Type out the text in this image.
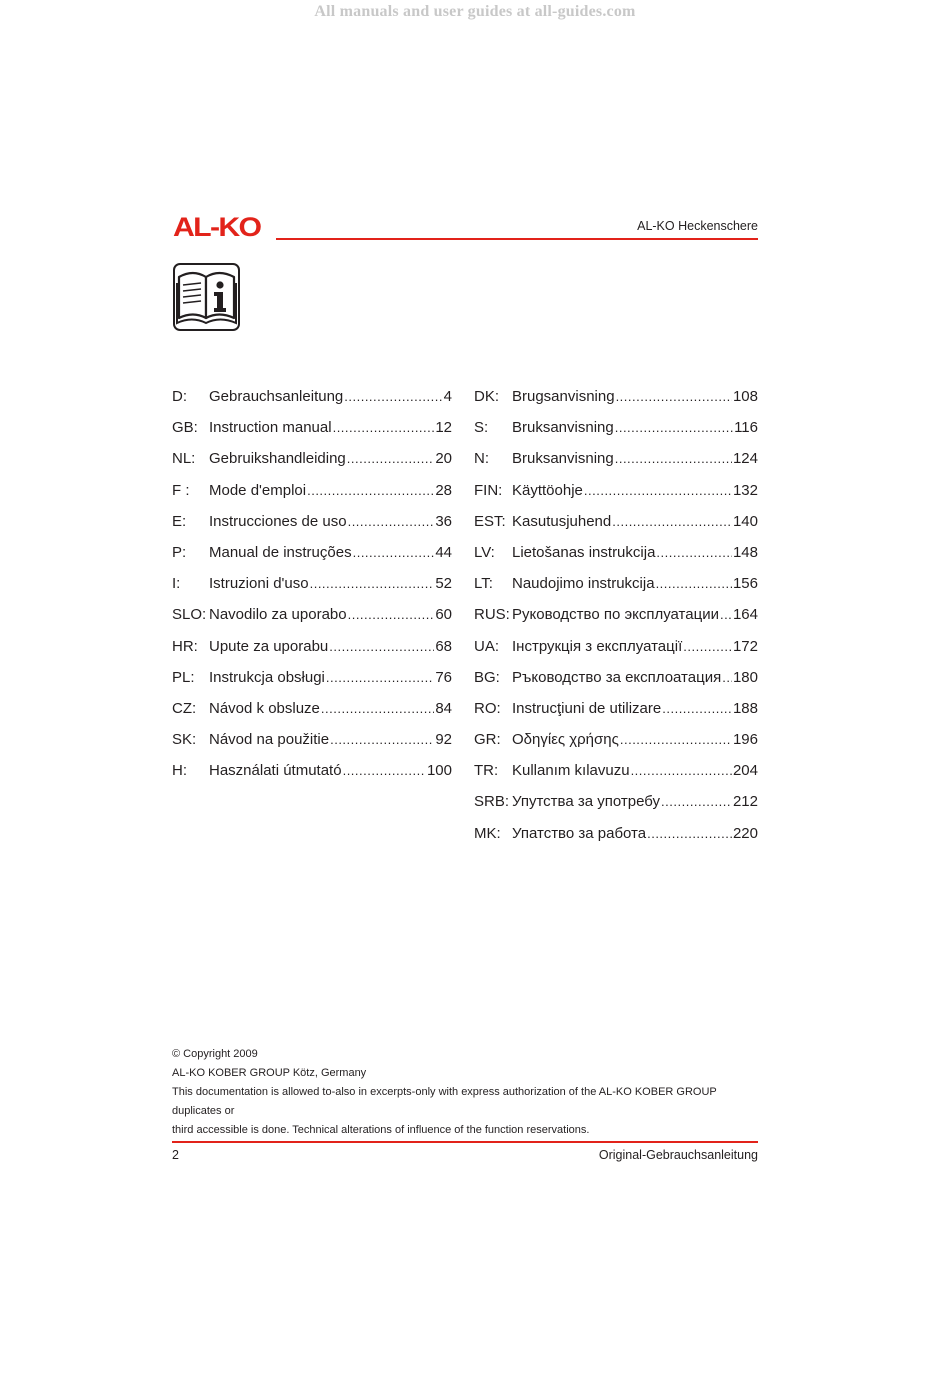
All manuals and user guides at all-guides.com
AL-KO	AL-KO Heckenschere
D:	Gebrauchsanleitung .....	4
GB: Instruction manual .....	12
NL: Gebruikshandleiding .....	20
F :	Mode d'emploi .....	28
E:	Instrucciones de uso .....	36
P:	Manual de instruções .....	44
I:	Istruzioni d'uso .....	52
SLO: Navodilo za uporabo .....	60
HR: Upute za uporabu .....	68
PL: Instrukcja obsługi .....	76
CZ: Návod k obsluze .....	84
SK: Návod na použitie .....	92
H:	Használati útmutató .....	100
DK: Brugsanvisning .....	108
S:	Bruksanvisning .....	116
N:	Bruksanvisning .....	124
FIN: Käyttöohje .....	132
EST: Kasutusjuhend .....	140
LV:	Lietošanas instrukcija .....	148
LT:	Naudojimo instrukcija .....	156
RUS: Руководство по эксплуатации ..... 164
UA: Інструкція з експлуатації .....	172
BG: Ръководство за експлоатация ..... 180
RO: Instrucţiuni de utilizare .....	188
GR: Οδηγίες χρήσης .....	196
TR: Kullanım kılavuzu .....	204
SRB: Упутства за употребу .....	212
MK: Упатство за работа .....	220
© Copyright 2009
AL-KO KOBER GROUP Kötz, Germany
This documentation is allowed to-also in excerpts-only with express authorization of the AL-KO KOBER GROUP duplicates or
third accessible is done. Technical alterations of influence of the function reservations.
2	Original-Gebrauchsanleitung
